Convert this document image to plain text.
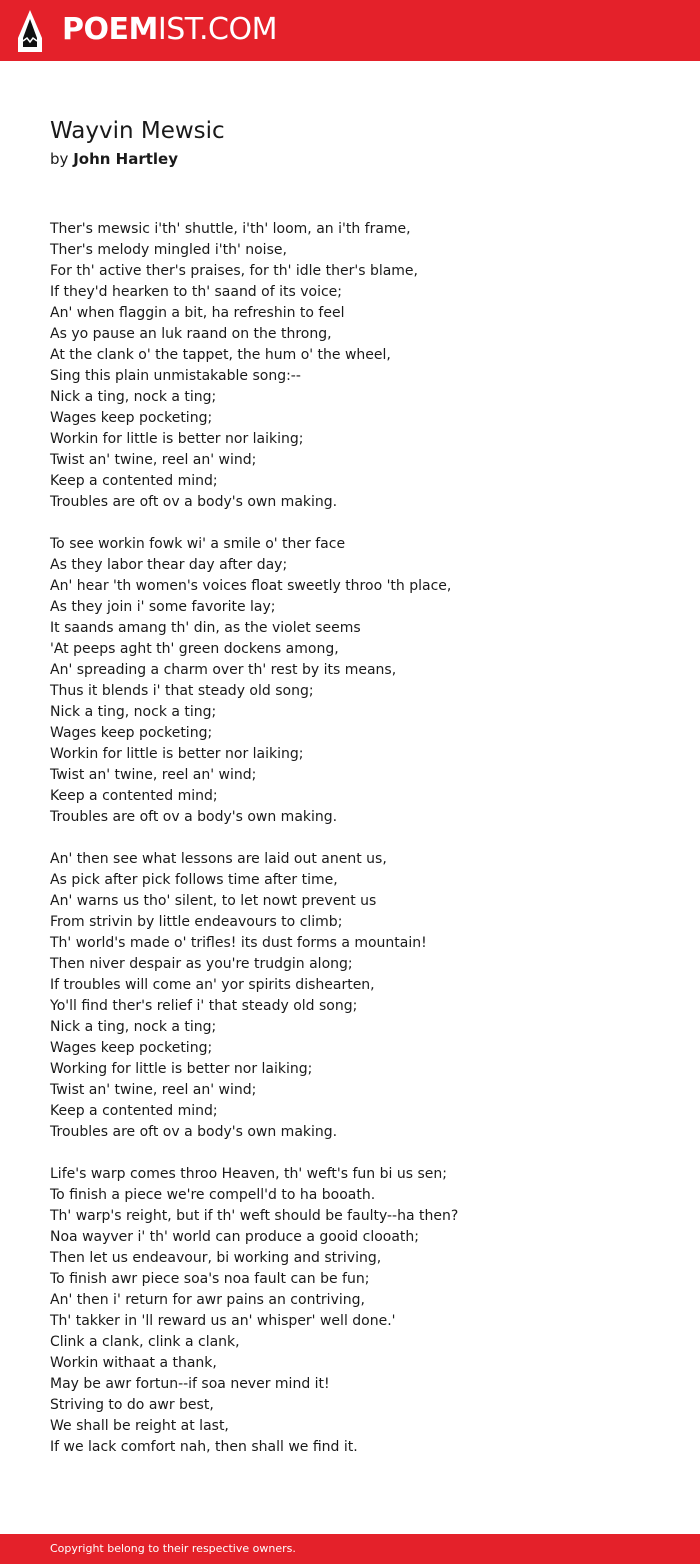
POEMIST.COM
Wayvin Mewsic
by John Hartley
Ther's mewsic i'th' shuttle, i'th' loom, an i'th frame,
Ther's melody mingled i'th' noise,
For th' active ther's praises, for th' idle ther's blame,
If they'd hearken to th' saand of its voice;
An' when flaggin a bit, ha refreshin to feel
As yo pause an luk raand on the throng,
At the clank o' the tappet, the hum o' the wheel,
Sing this plain unmistakable song:--
Nick a ting, nock a ting;
Wages keep pocketing;
Workin for little is better nor laiking;
Twist an' twine, reel an' wind;
Keep a contented mind;
Troubles are oft ov a body's own making.
To see workin fowk wi' a smile o' ther face
As they labor thear day after day;
An' hear 'th women's voices float sweetly throo 'th place,
As they join i' some favorite lay;
It saands amang th' din, as the violet seems
'At peeps aght th' green dockens among,
An' spreading a charm over th' rest by its means,
Thus it blends i' that steady old song;
Nick a ting, nock a ting;
Wages keep pocketing;
Workin for little is better nor laiking;
Twist an' twine, reel an' wind;
Keep a contented mind;
Troubles are oft ov a body's own making.
An' then see what lessons are laid out anent us,
As pick after pick follows time after time,
An' warns us tho' silent, to let nowt prevent us
From strivin by little endeavours to climb;
Th' world's made o' trifles! its dust forms a mountain!
Then niver despair as you're trudgin along;
If troubles will come an' yor spirits dishearten,
Yo'll find ther's relief i' that steady old song;
Nick a ting, nock a ting;
Wages keep pocketing;
Working for little is better nor laiking;
Twist an' twine, reel an' wind;
Keep a contented mind;
Troubles are oft ov a body's own making.
Life's warp comes throo Heaven, th' weft's fun bi us sen;
To finish a piece we're compell'd to ha booath.
Th' warp's reight, but if th' weft should be faulty--ha then?
Noa wayver i' th' world can produce a gooid clooath;
Then let us endeavour, bi working and striving,
To finish awr piece soa's noa fault can be fun;
An' then i' return for awr pains an contriving,
Th' takker in 'll reward us an' whisper' well done.'
Clink a clank, clink a clank,
Workin withaat a thank,
May be awr fortun--if soa never mind it!
Striving to do awr best,
We shall be reight at last,
If we lack comfort nah, then shall we find it.
Copyright belong to their respective owners.
